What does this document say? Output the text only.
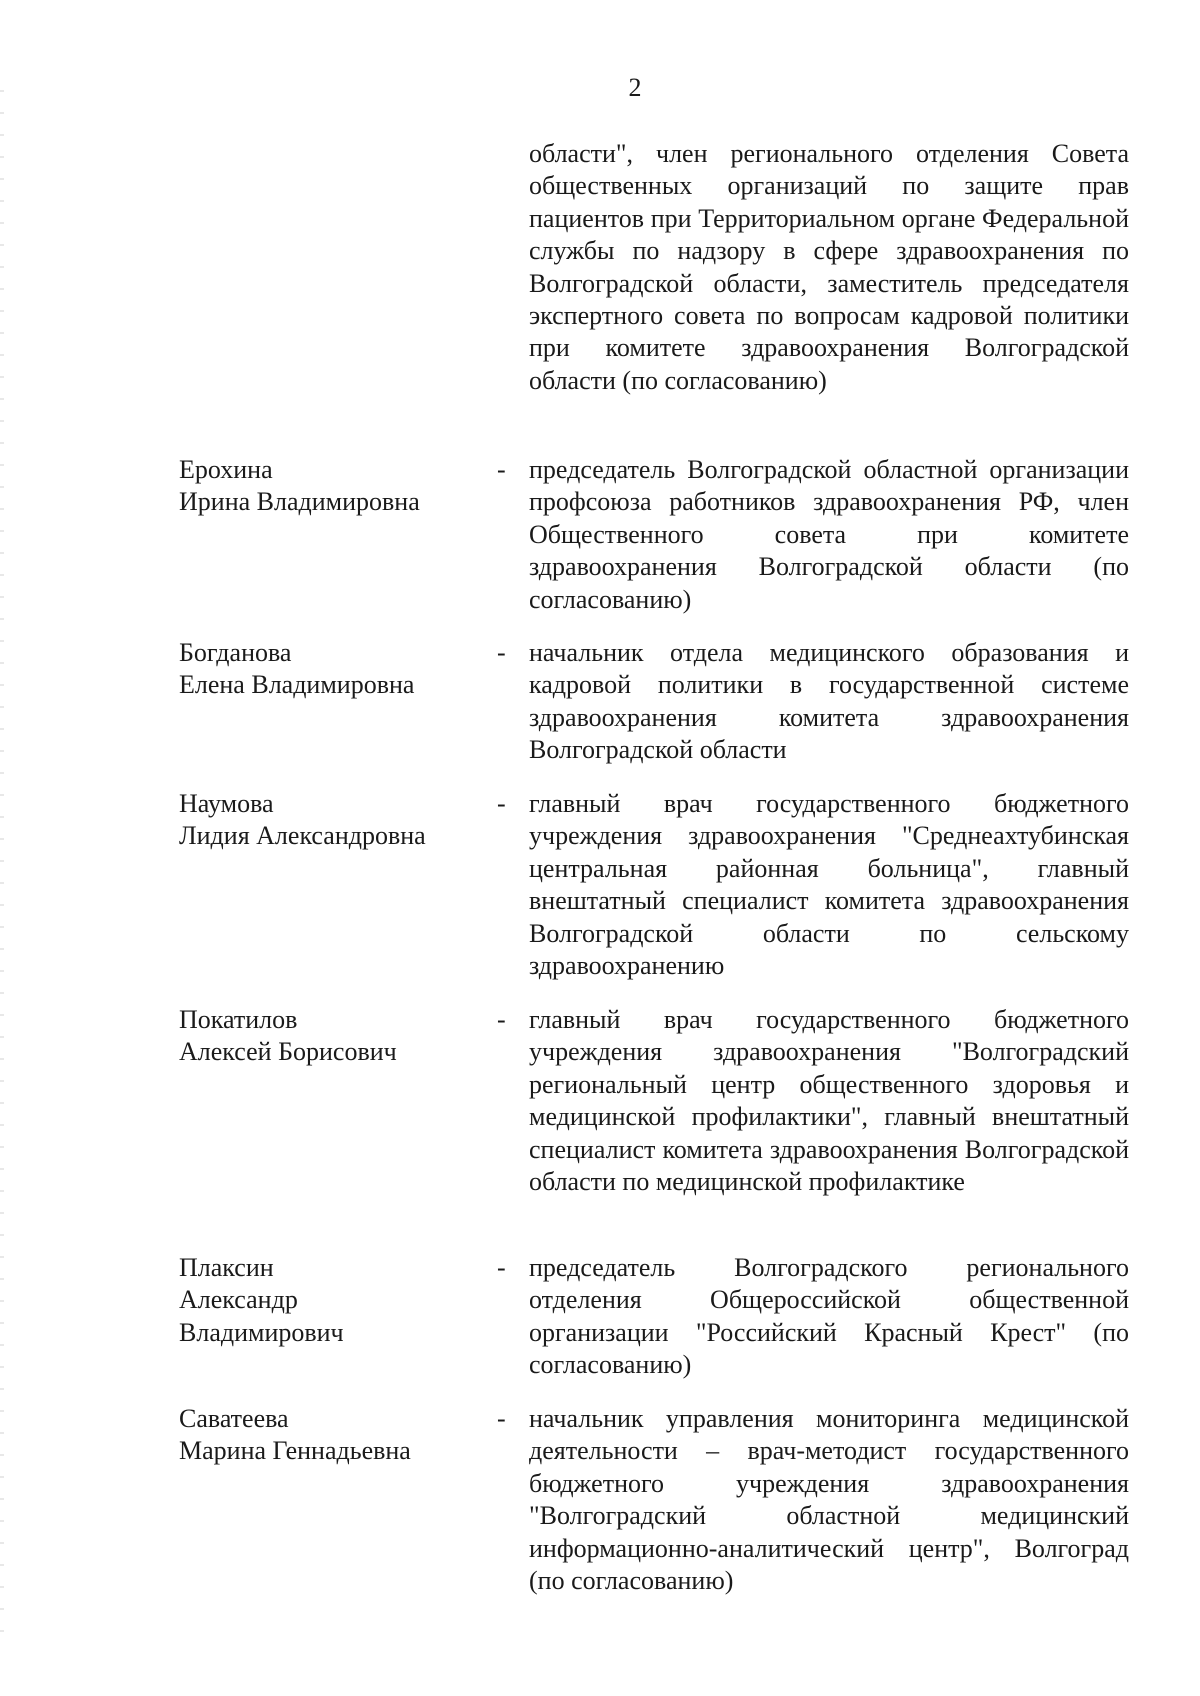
2
области", член регионального отделения Совета общественных организаций по защите прав пациентов при Территориальном органе Федеральной службы по надзору в сфере здравоохранения по Волгоградской области, заместитель председателя экспертного совета по вопросам кадровой политики при комитете здравоохранения Волгоградской области (по согласованию)
Ерохина
Ирина Владимировна
- председатель Волгоградской областной организации профсоюза работников здравоохранения РФ, член Общественного совета при комитете здравоохранения Волгоградской области (по согласованию)
Богданова
Елена Владимировна
- начальник отдела медицинского образования и кадровой политики в государственной системе здравоохранения комитета здравоохранения Волгоградской области
Наумова
Лидия Александровна
- главный врач государственного бюджетного учреждения здравоохранения "Среднеахтубинская центральная районная больница", главный внештатный специалист комитета здравоохранения Волгоградской области по сельскому здравоохранению
Покатилов
Алексей Борисович
- главный врач государственного бюджетного учреждения здравоохранения "Волгоградский региональный центр общественного здоровья и медицинской профилактики", главный внештатный специалист комитета здравоохранения Волгоградской области по медицинской профилактике
Плаксин
Александр
Владимирович
- председатель Волгоградского регионального отделения Общероссийской общественной организации "Российский Красный Крест" (по согласованию)
Саватеева
Марина Геннадьевна
- начальник управления мониторинга медицинской деятельности – врач-методист государственного бюджетного учреждения здравоохранения "Волгоградский областной медицинский информационно-аналитический центр", Волгоград (по согласованию)
